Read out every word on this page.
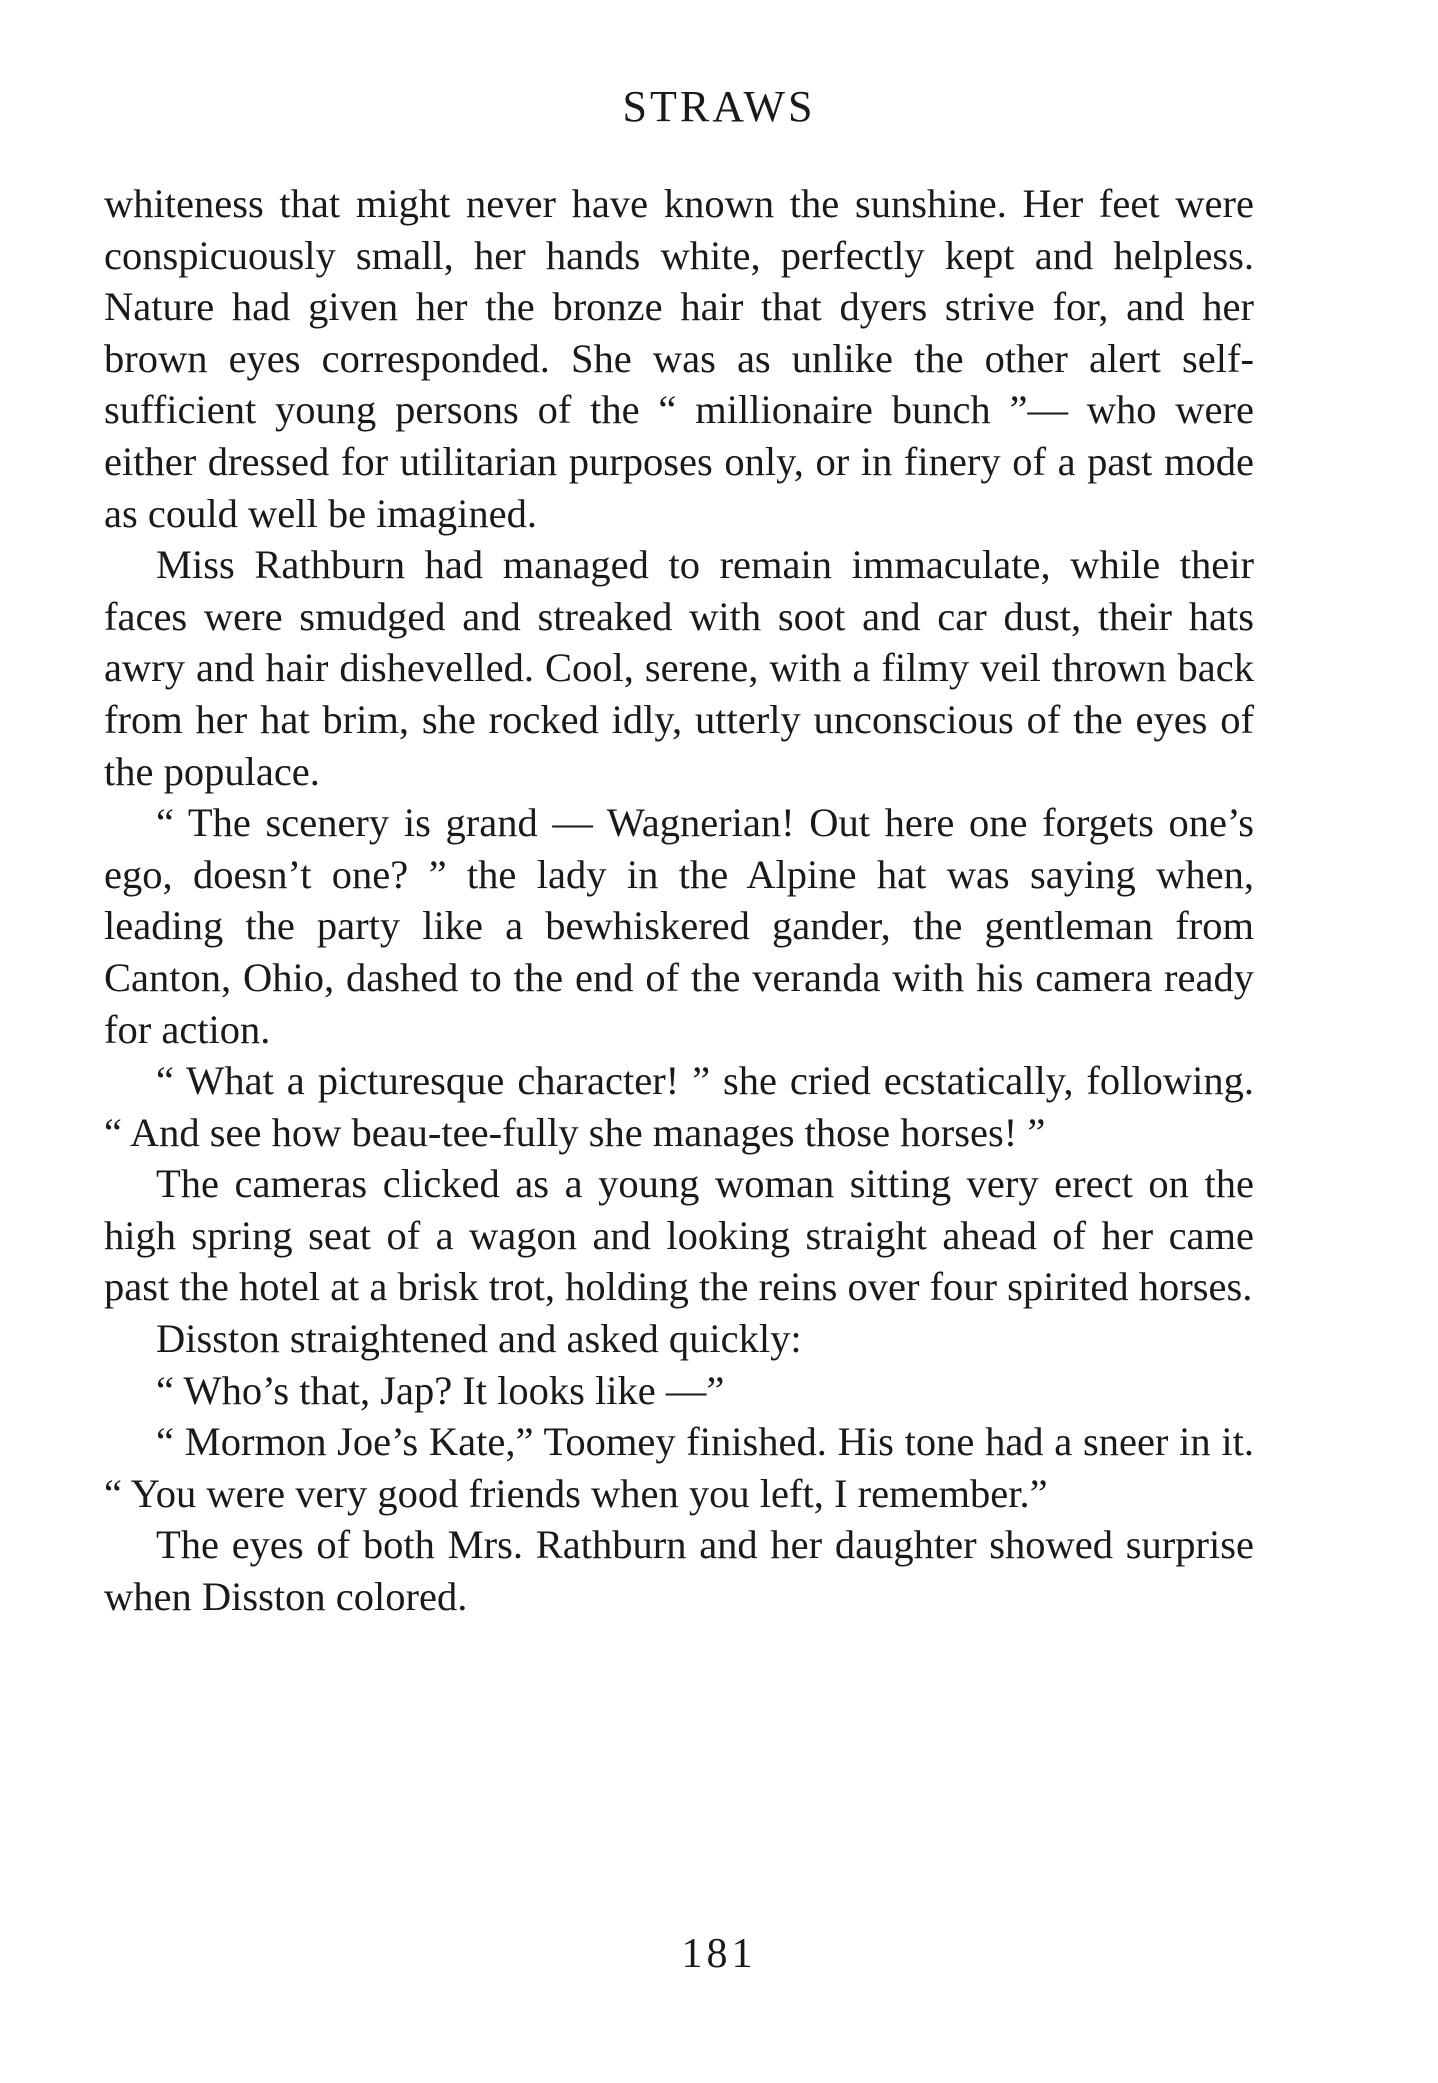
STRAWS

whiteness that might never have known the sunshine. Her feet were conspicuously small, her hands white, perfectly kept and helpless. Nature had given her the bronze hair that dyers strive for, and her brown eyes corresponded. She was as unlike the other alert self-sufficient young persons of the “ millionaire bunch ”— who were either dressed for utilitarian purposes only, or in finery of a past mode as could well be imagined.

Miss Rathburn had managed to remain immaculate, while their faces were smudged and streaked with soot and car dust, their hats awry and hair dishevelled. Cool, serene, with a filmy veil thrown back from her hat brim, she rocked idly, utterly unconscious of the eyes of the populace.

“ The scenery is grand — Wagnerian! Out here one forgets one’s ego, doesn’t one? ” the lady in the Alpine hat was saying when, leading the party like a bewhiskered gander, the gentleman from Canton, Ohio, dashed to the end of the veranda with his camera ready for action.

“ What a picturesque character! ” she cried ecstatically, following. “ And see how beau-tee-fully she manages those horses! ”

The cameras clicked as a young woman sitting very erect on the high spring seat of a wagon and looking straight ahead of her came past the hotel at a brisk trot, holding the reins over four spirited horses.

Disston straightened and asked quickly:

“ Who’s that, Jap? It looks like —”

“ Mormon Joe’s Kate,” Toomey finished. His tone had a sneer in it. “ You were very good friends when you left, I remember.”

The eyes of both Mrs. Rathburn and her daughter showed surprise when Disston colored.

181
